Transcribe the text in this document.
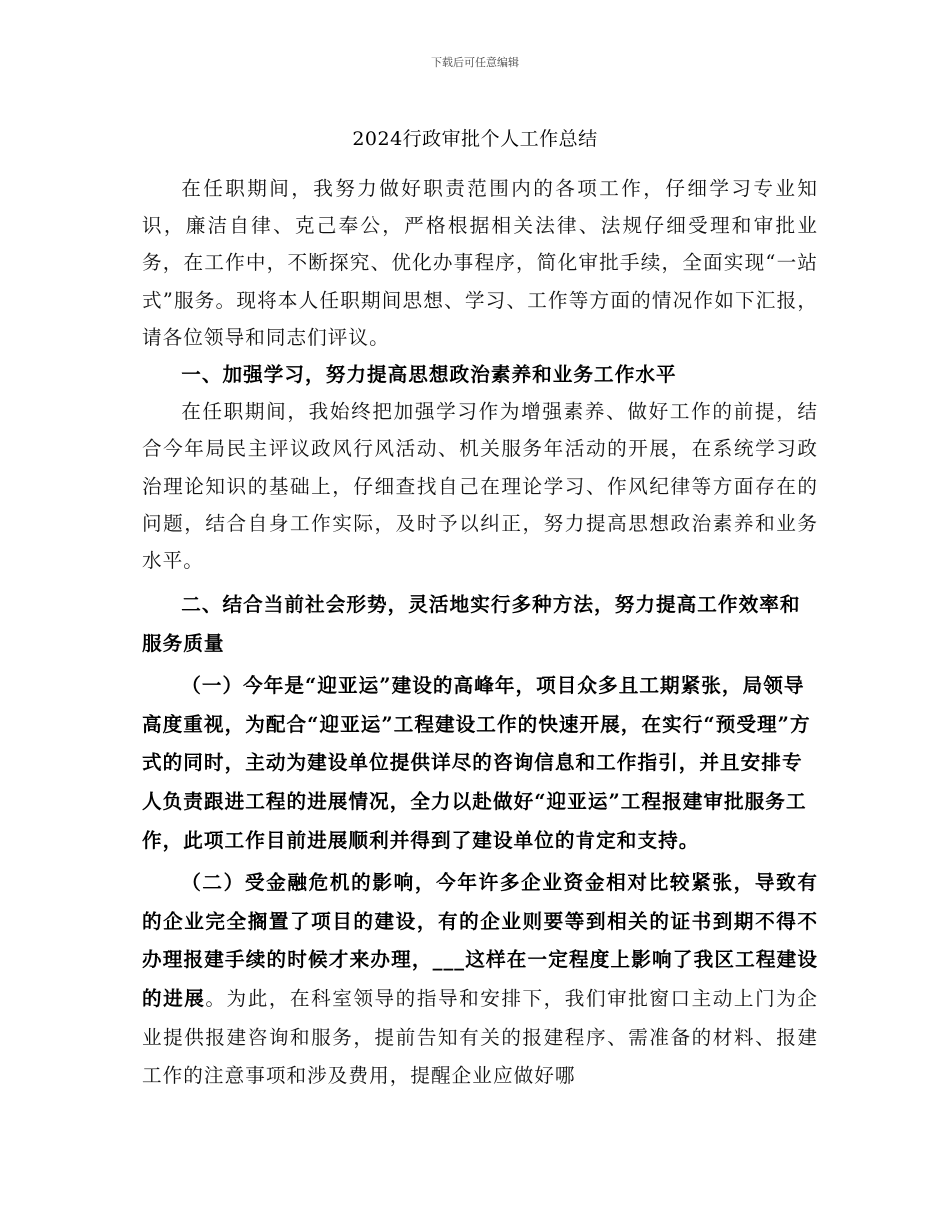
下载后可任意编辑
2024行政审批个人工作总结

在任职期间，我努力做好职责范围内的各项工作，仔细学习专业知识，廉洁自律、克己奉公，严格根据相关法律、法规仔细受理和审批业务，在工作中，不断探究、优化办事程序，简化审批手续，全面实现“一站式”服务。现将本人任职期间思想、学习、工作等方面的情况作如下汇报，请各位领导和同志们评议。

一、加强学习，努力提高思想政治素养和业务工作水平

在任职期间，我始终把加强学习作为增强素养、做好工作的前提，结合今年局民主评议政风行风活动、机关服务年活动的开展，在系统学习政治理论知识的基础上，仔细查找自己在理论学习、作风纪律等方面存在的问题，结合自身工作实际，及时予以纠正，努力提高思想政治素养和业务水平。

二、结合当前社会形势，灵活地实行多种方法，努力提高工作效率和服务质量

（一）今年是“迎亚运”建设的高峰年，项目众多且工期紧张，局领导高度重视，为配合“迎亚运”工程建设工作的快速开展，在实行“预受理”方式的同时，主动为建设单位提供详尽的咨询信息和工作指引，并且安排专人负责跟进工程的进展情况，全力以赴做好“迎亚运”工程报建审批服务工作，此项工作目前进展顺利并得到了建设单位的肯定和支持。

（二）受金融危机的影响，今年许多企业资金相对比较紧张，导致有的企业完全搁置了项目的建设，有的企业则要等到相关的证书到期不得不办理报建手续的时候才来办理，___这样在一定程度上影响了我区工程建设的进展。为此，在科室领导的指导和安排下，我们审批窗口主动上门为企业提供报建咨询和服务，提前告知有关的报建程序、需准备的材料、报建工作的注意事项和涉及费用，提醒企业应做好哪
